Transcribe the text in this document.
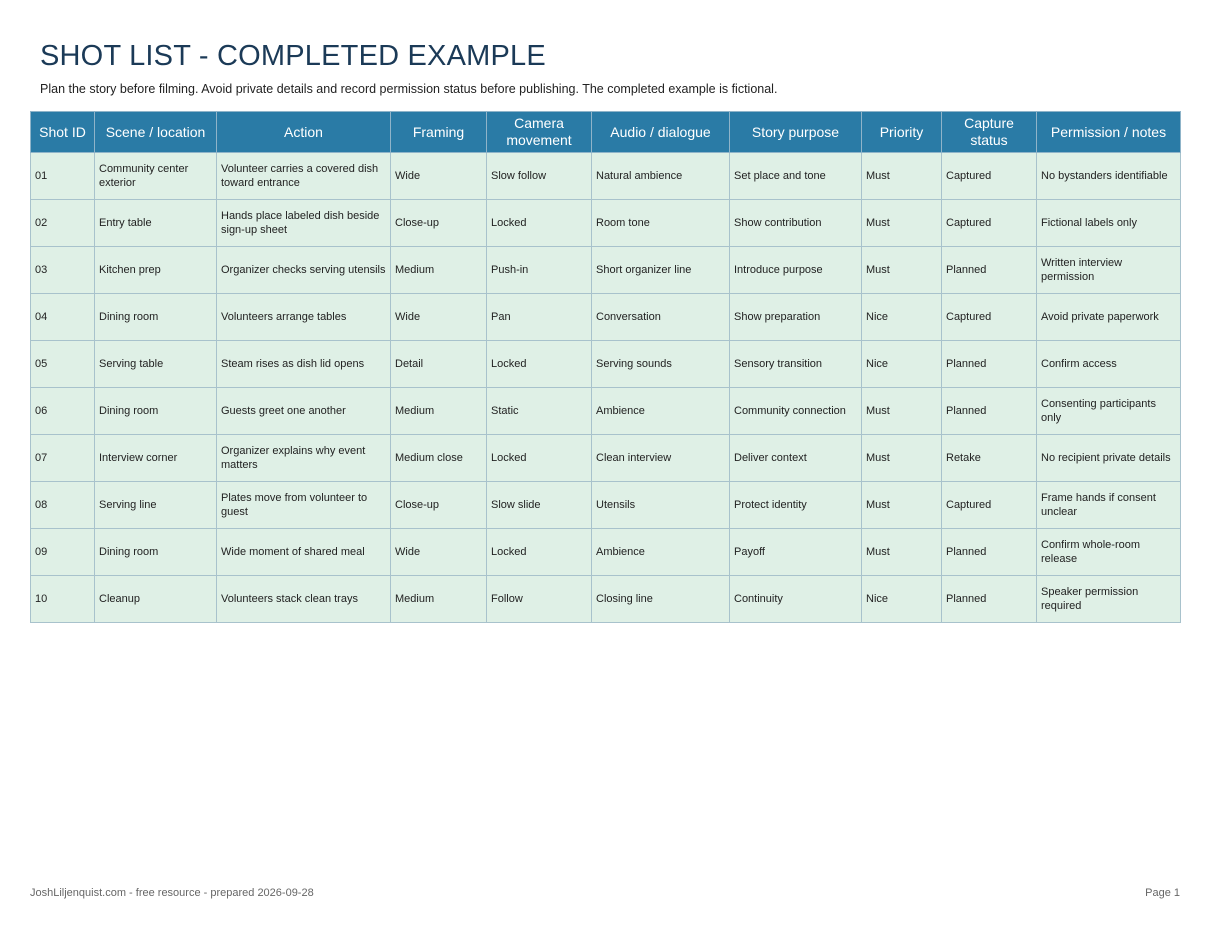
SHOT LIST - COMPLETED EXAMPLE

Plan the story before filming. Avoid private details and record permission status before publishing. The completed example is fictional.

Shot ID	Scene / location	Action	Framing	Camera movement	Audio / dialogue	Story purpose	Priority	Capture status	Permission / notes
01	Community center exterior	Volunteer carries a covered dish toward entrance	Wide	Slow follow	Natural ambience	Set place and tone	Must	Captured	No bystanders identifiable
02	Entry table	Hands place labeled dish beside sign-up sheet	Close-up	Locked	Room tone	Show contribution	Must	Captured	Fictional labels only
03	Kitchen prep	Organizer checks serving utensils	Medium	Push-in	Short organizer line	Introduce purpose	Must	Planned	Written interview permission
04	Dining room	Volunteers arrange tables	Wide	Pan	Conversation	Show preparation	Nice	Captured	Avoid private paperwork
05	Serving table	Steam rises as dish lid opens	Detail	Locked	Serving sounds	Sensory transition	Nice	Planned	Confirm access
06	Dining room	Guests greet one another	Medium	Static	Ambience	Community connection	Must	Planned	Consenting participants only
07	Interview corner	Organizer explains why event matters	Medium close	Locked	Clean interview	Deliver context	Must	Retake	No recipient private details
08	Serving line	Plates move from volunteer to guest	Close-up	Slow slide	Utensils	Protect identity	Must	Captured	Frame hands if consent unclear
09	Dining room	Wide moment of shared meal	Wide	Locked	Ambience	Payoff	Must	Planned	Confirm whole-room release
10	Cleanup	Volunteers stack clean trays	Medium	Follow	Closing line	Continuity	Nice	Planned	Speaker permission required

JoshLiljenquist.com - free resource - prepared 2026-09-28	Page 1
